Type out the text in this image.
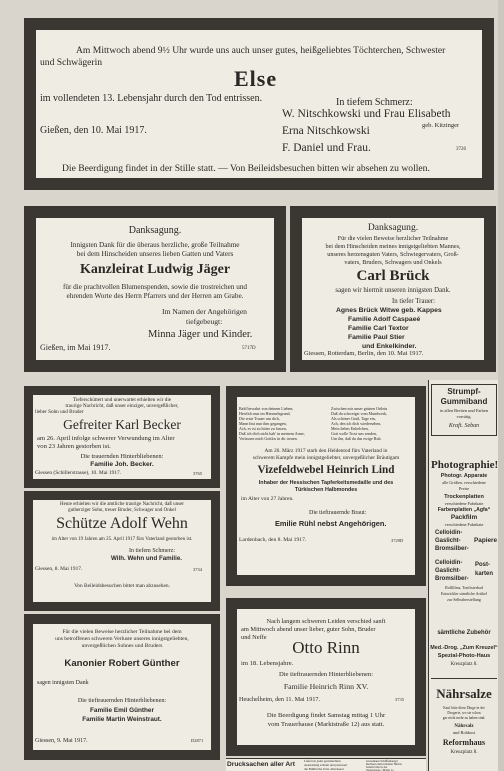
Am Mittwoch abend 9½ Uhr wurde uns auch unser gutes, heißgeliebtes Töchterchen, Schwester
und Schwägerin
Else
im vollendeten 13. Lebensjahr durch den Tod entrissen.	In tiefem Schmerz:
W. Nitschkowski und Frau Elisabeth
Gießen, den 10. Mai 1917.	Erna Nitschkowski	geb. Kitzinger
F. Daniel und Frau.	3726
Die Beerdigung findet in der Stille statt. — Von Beileidsbesuchen bitten wir absehen zu wollen.
Danksagung.
Innigsten Dank für die überaus herzliche, große Teilnahme
bei dem Hinscheiden unseres lieben Gatten und Vaters
Kanzleirat Ludwig Jäger
für die prachtvollen Blumenspenden, sowie die trostreichen und
ehrenden Worte des Herrn Pfarrers und der Herren am Grabe.
Im Namen der Angehörigen
tiefgebeugt:
Minna Jäger und Kinder.
Gießen, im Mai 1917.	5717D
Danksagung.
Für die vielen Beweise herzlicher Teilnahme
bei dem Hinscheiden meines innigstgeliebten Mannes,
unseres herzensguten Vaters, Schwiegervaters, Groß-
vaters, Bruders, Schwagers und Onkels
Carl Brück
sagen wir hiermit unseren innigsten Dank.
In tiefer Trauer:
Agnes Brück Witwe geb. Kappes
Familie Adolf Caspaeé
Familie Carl Textor
Familie Paul Stier
und Enkelkinder.
Giessen, Rotterdam, Berlin, den 10. Mai 1917.
Tieferschüttert und unerwartet erhielten wir die
traurige Nachricht, daß unser einziger, unvergeßlicher,
lieber Sohn und Bruder
Gefreiter Karl Becker
am 26. April infolge schwerer Verwundung im Alter
von 23 Jahren gestorben ist.
Die trauernden Hinterbliebenen:
Familie Joh. Becker.
Giessen (Schillerstrasse), 10. Mai 1917.	3765
Heute erhielten wir die amtliche traurige Nachricht, daß unser
gutherziger Sohn, treuer Bruder, Schwager und Onkel
Schütze Adolf Wehn
im Alter von 19 Jahren am 25. April 1917 fürs Vaterland gestorben ist.
In tiefem Schmerz:
Wilh. Wehn und Familie.
Giessen, 8. Mai 1917.	3734
Von Beileidsbesuchen bittet man abzusehen.
Für die vielen Beweise herzlicher Teilnahme bei dem
uns betroffenen schweren Verluste unseres innigstgeliebten,
unvergeßlichen Sohnes und Bruders
Kanonier Robert Günther
sagen innigsten Dank
Die tieftrauernden Hinterbliebenen:
Familie Emil Günther
Familie Martin Weinstraut.
Giessen, 9. Mai 1917.	D2871
Bald bewahrt von deinem Lieben,
Herrlich nun im Himmelsgrund,
Die erste Trauer um dich,
Mann bist nun ihm gegangen,
Ach, es ist zu bitter zu fassen,
Daß ich dich nicht hab' in meinem Arme,
Verlassen mich Gottlos in dir treuen.
Zwischen mir unser grünen Ortlein
Daß du schweigst vom Mundwerk,
Als schöner Gruß, Tage ein,
Ach, den ich dich wiedersehen,
Mein liebes Enkelchen,
Gott wolle Trost uns senden,
Um ihn, daß du das ewige Ruh.
Am 26. März 1917 starb den Heldentod fürs Vaterland in
schwerem Kampfe mein innigstgeliebter, unvergeßlicher Bräutigam
Vizefeldwebel Heinrich Lind
Inhaber der Hessischen Tapferkeitsmedaille und des
Türkischen Halbmondes
im Alter von 27 Jahren.
Die tieftrauernde Braut:
Emilie Rühl nebst Angehörigen.
Lardenbach, den 8. Mai 1917.	3729D
Nach langem schweren Leiden verschied sanft
am Mittwoch abend unser lieber, guter Sohn, Bruder
und Neffe
Otto Rinn
im 18. Lebensjahre.
Die tieftrauernden Hinterbliebenen:
Familie Heinrich Rinn XV.
Heuchelheim, den 11. Mai 1917.	3735
Die Beerdigung findet Samstag mittag 1 Uhr
vom Trauerhause (Marktstraße 12) aus statt.
Drucksachen aller Art	Liefert in jeder gewünschten
Ausstattung schnell und preiswert
die Brühl'sche Univ.-Druckerei
Gressmann Schiffenberger
Rechnen dem schönen Herbst
Jedem bitte in der
Siegesgasse / Markt 1a
Strumpf-
Gummiband
in allen Breiten und Farben
vorrätig.
Kraft. Seban
Photographie!
Photogr. Apparate
alle Größen, verschiedene
Preise
Trockenplatten
verschiedene Fabrikate
Farbenplatten „Agfa“
Packfilm
verschiedene Fabrikate
Celloidin-
Gaslicht-
Bromsilber-
Papiere
Celloidin-
Gaslicht-
Bromsilber-
Post-
karten
Rollfilms, Tonfixierbad
Entwickler sämtliche Artikel
zur Selbstherstellung
sämtliche Zubehör
Med.-Drog. „Zum Kreuzel“
Spezial-Photo-Haus
Kreuzplatz 8.
Nährsalze
Kauf bitte diese Dinge in der
Drogerie, wo sie schon
gar nicht mehr zu haben sind.
Nährsalz
und Rohkost
Reformhaus
Kreuzplatz 8.
